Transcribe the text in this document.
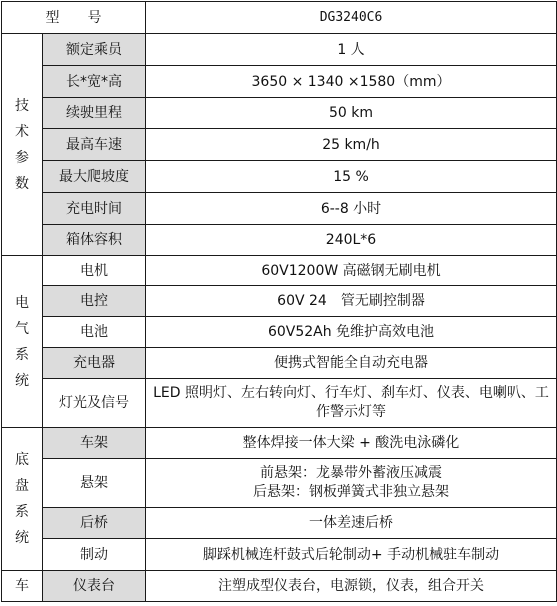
型　　号		DG3240C6
技术参数	额定乘员	1 人
	长*宽*高	3650 × 1340 ×1580（mm）
	续驶里程	50 km
	最高车速	25 km/h
	最大爬坡度	15 %
	充电时间	6--8 小时
	箱体容积	240L*6
电气系统	电机	60V1200W 高磁钢无刷电机
	电控	60V 24　管无刷控制器
	电池	60V52Ah 免维护高效电池
	充电器	便携式智能全自动充电器
	灯光及信号	LED 照明灯、左右转向灯、行车灯、刹车灯、仪表、电喇叭、工作警示灯等
底盘系统	车架	整体焊接一体大梁 + 酸洗电泳磷化
	悬架	前悬架：龙暴带外蓄液压减震
后悬架：钢板弹簧式非独立悬架

	后桥	一体差速后桥
	制动	脚踩机械连杆鼓式后轮制动+ 手动机械驻车制动
车	仪表台	注塑成型仪表台，电源锁，仪表，组合开关
